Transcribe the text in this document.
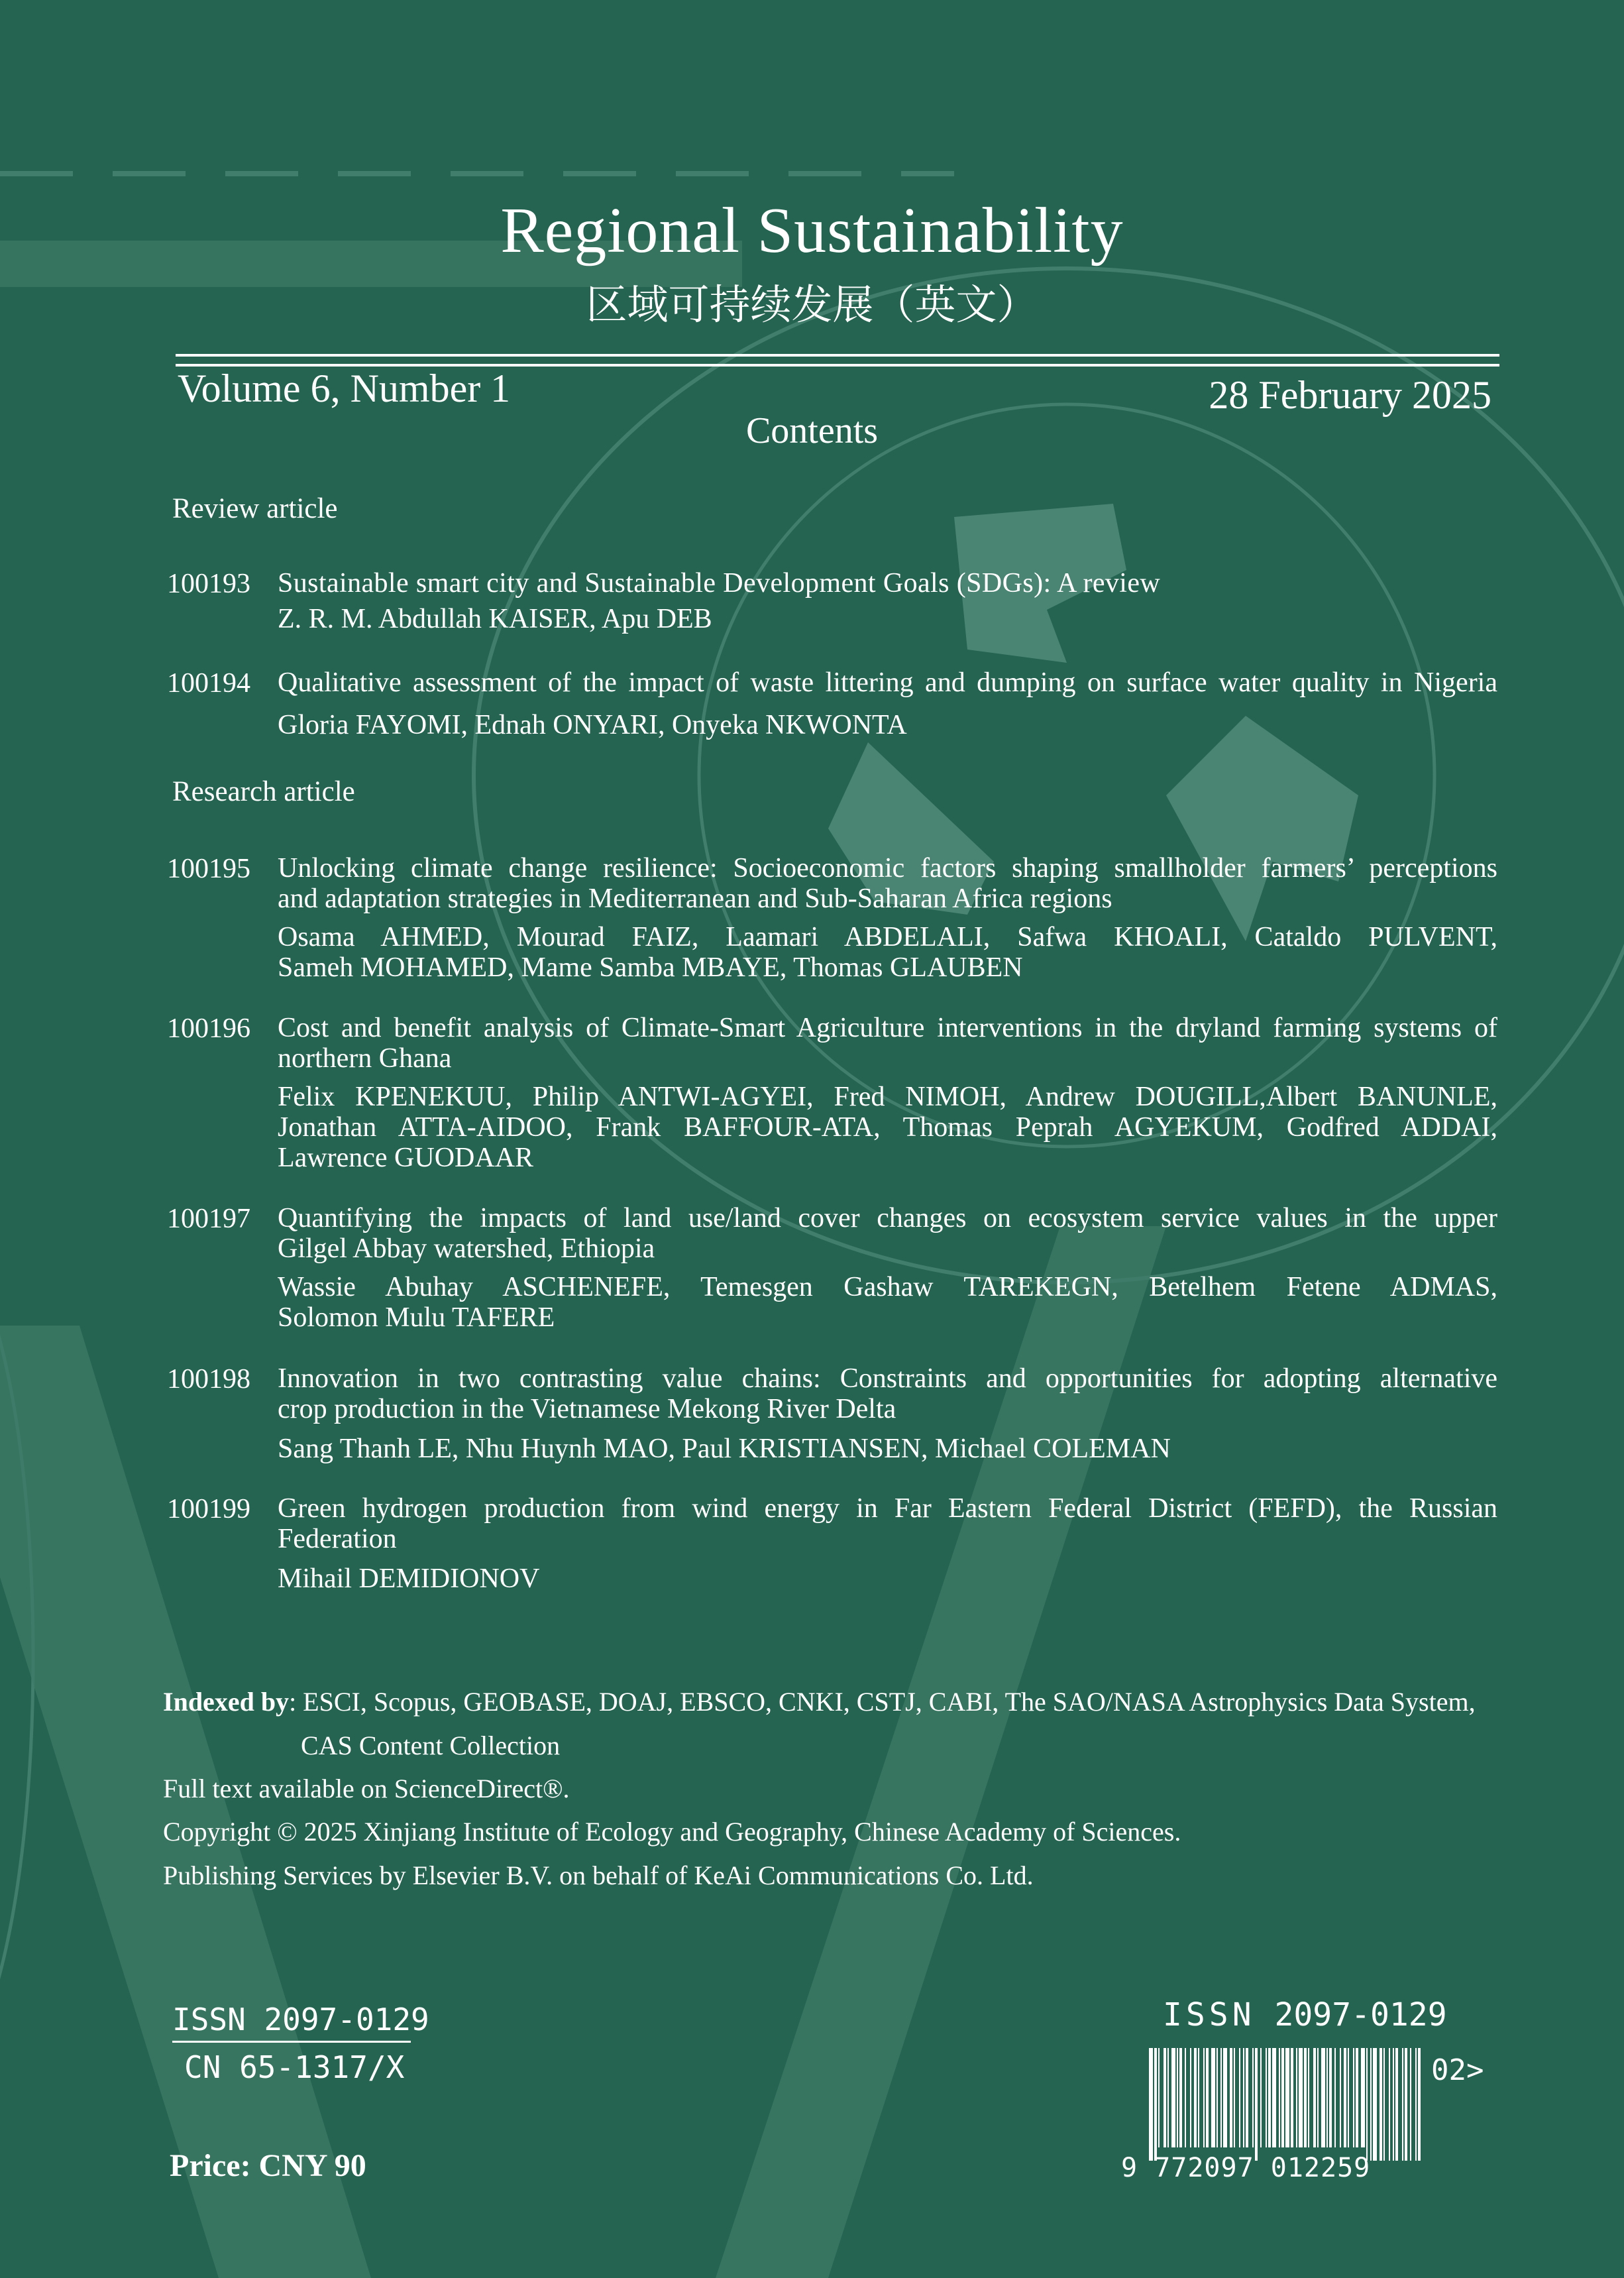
Regional Sustainability
区域可持续发展（英文）
Volume 6, Number 1	28 February 2025
Contents
Review article
100193 Sustainable smart city and Sustainable Development Goals (SDGs): A review
Z. R. M. Abdullah KAISER, Apu DEB
100194 Qualitative assessment of the impact of waste littering and dumping on surface water quality in Nigeria
Gloria FAYOMI, Ednah ONYARI, Onyeka NKWONTA
Research article
100195 Unlocking climate change resilience: Socioeconomic factors shaping smallholder farmers’ perceptions
and adaptation strategies in Mediterranean and Sub-Saharan Africa regions
Osama AHMED, Mourad FAIZ, Laamari ABDELALI, Safwa KHOALI, Cataldo PULVENT,
Sameh MOHAMED, Mame Samba MBAYE, Thomas GLAUBEN
100196 Cost and benefit analysis of Climate-Smart Agriculture interventions in the dryland farming systems of
northern Ghana
Felix KPENEKUU, Philip ANTWI-AGYEI, Fred NIMOH, Andrew DOUGILL,Albert BANUNLE,
Jonathan ATTA-AIDOO, Frank BAFFOUR-ATA, Thomas Peprah AGYEKUM, Godfred ADDAI,
Lawrence GUODAAR
100197 Quantifying the impacts of land use/land cover changes on ecosystem service values in the upper
Gilgel Abbay watershed, Ethiopia
Wassie Abuhay ASCHENEFE, Temesgen Gashaw TAREKEGN, Betelhem Fetene ADMAS,
Solomon Mulu TAFERE
100198 Innovation in two contrasting value chains: Constraints and opportunities for adopting alternative
crop production in the Vietnamese Mekong River Delta
Sang Thanh LE, Nhu Huynh MAO, Paul KRISTIANSEN, Michael COLEMAN
100199 Green hydrogen production from wind energy in Far Eastern Federal District (FEFD), the Russian
Federation
Mihail DEMIDIONOV
Indexed by: ESCI, Scopus, GEOBASE, DOAJ, EBSCO, CNKI, CSTJ, CABI, The SAO/NASA Astrophysics Data System,
CAS Content Collection
Full text available on ScienceDirect®.
Copyright © 2025 Xinjiang Institute of Ecology and Geography, Chinese Academy of Sciences.
Publishing Services by Elsevier B.V. on behalf of KeAi Communications Co. Ltd.
ISSN 2097-0129
CN 65-1317/X
Price: CNY 90
ISSN 2097-0129
02>
9 772097 012259
